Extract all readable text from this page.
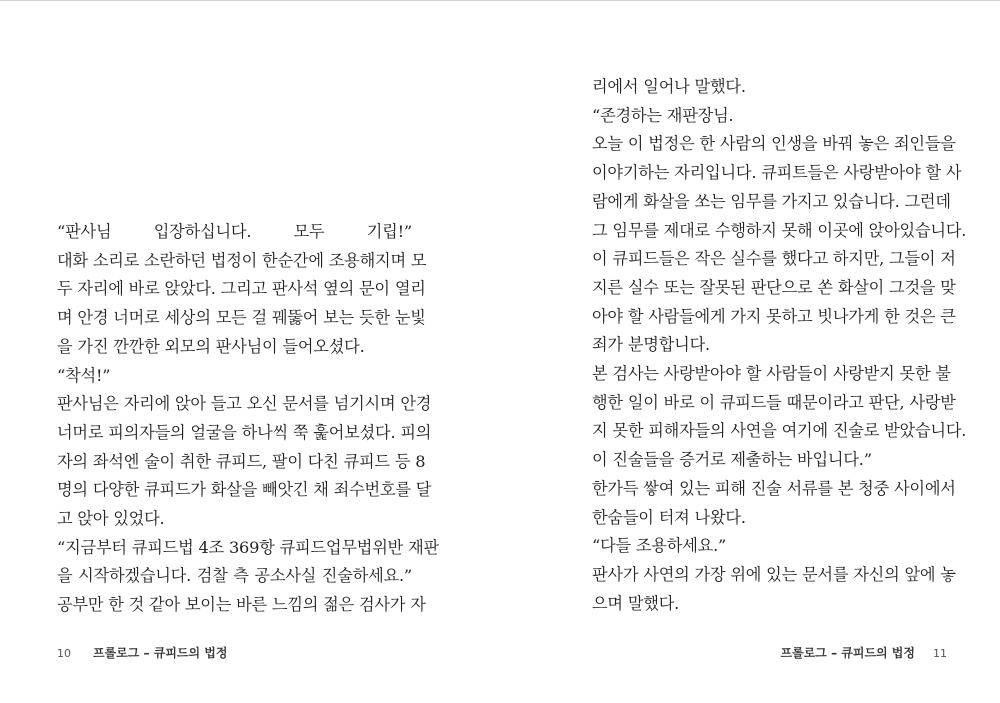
“판사님 입장하십니다. 모두 기립!”
대화 소리로 소란하던 법정이 한순간에 조용해지며 모
두 자리에 바로 앉았다. 그리고 판사석 옆의 문이 열리
며 안경 너머로 세상의 모든 걸 꿰뚫어 보는 듯한 눈빛
을 가진 깐깐한 외모의 판사님이 들어오셨다.
“착석!”
판사님은 자리에 앉아 들고 오신 문서를 넘기시며 안경
너머로 피의자들의 얼굴을 하나씩 쭉 훑어보셨다. 피의
자의 좌석엔 술이 취한 큐피드, 팔이 다친 큐피드 등 8
명의 다양한 큐피드가 화살을 빼앗긴 채 죄수번호를 달
고 앉아 있었다.
“지금부터 큐피드법 4조 369항 큐피드업무법위반 재판
을 시작하겠습니다. 검찰 측 공소사실 진술하세요.”
공부만 한 것 같아 보이는 바른 느낌의 젊은 검사가 자
10 프롤로그 – 큐피드의 법정
리에서 일어나 말했다.
“존경하는 재판장님.
오늘 이 법정은 한 사람의 인생을 바꿔 놓은 죄인들을
이야기하는 자리입니다. 큐피트들은 사랑받아야 할 사
람에게 화살을 쏘는 임무를 가지고 있습니다. 그런데
그 임무를 제대로 수행하지 못해 이곳에 앉아있습니다.
이 큐피드들은 작은 실수를 했다고 하지만, 그들이 저
지른 실수 또는 잘못된 판단으로 쏜 화살이 그것을 맞
아야 할 사람들에게 가지 못하고 빗나가게 한 것은 큰
죄가 분명합니다.
본 검사는 사랑받아야 할 사람들이 사랑받지 못한 불
행한 일이 바로 이 큐피드들 때문이라고 판단, 사랑받
지 못한 피해자들의 사연을 여기에 진술로 받았습니다.
이 진술들을 증거로 제출하는 바입니다.”
한가득 쌓여 있는 피해 진술 서류를 본 청중 사이에서
한숨들이 터져 나왔다.
“다들 조용하세요.”
판사가 사연의 가장 위에 있는 문서를 자신의 앞에 놓
으며 말했다.
프롤로그 – 큐피드의 법정 11
